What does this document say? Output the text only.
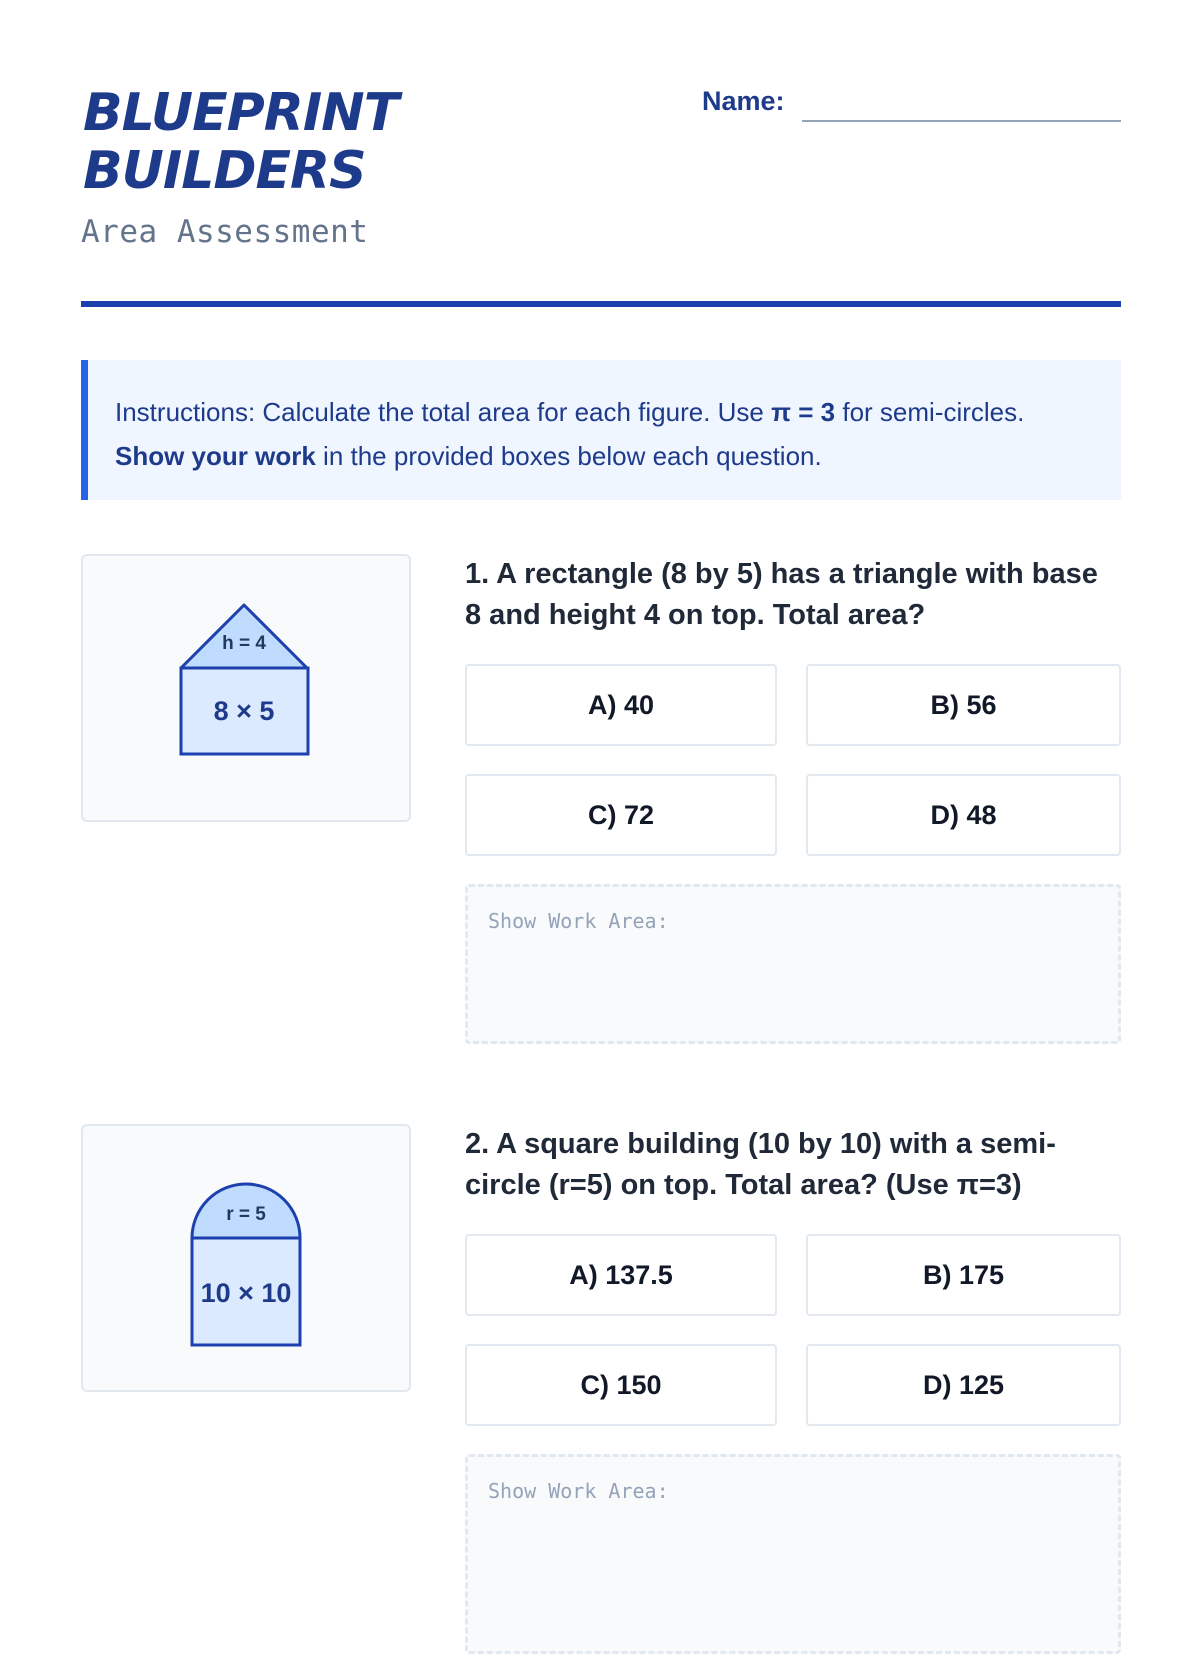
BLUEPRINT
BUILDERS
Area Assessment
Name:
Instructions: Calculate the total area for each figure. Use π = 3 for semi-circles. Show your work in the provided boxes below each question.
h = 4
8 × 5

1. A rectangle (8 by 5) has a triangle with base 8 and height 4 on top. Total area?

A) 40	B) 56
C) 72	D) 48
Show Work Area:
r = 5
10 × 10

2. A square building (10 by 10) with a semi-circle (r=5) on top. Total area? (Use π=3)

A) 137.5	B) 175
C) 150	D) 125
Show Work Area:
